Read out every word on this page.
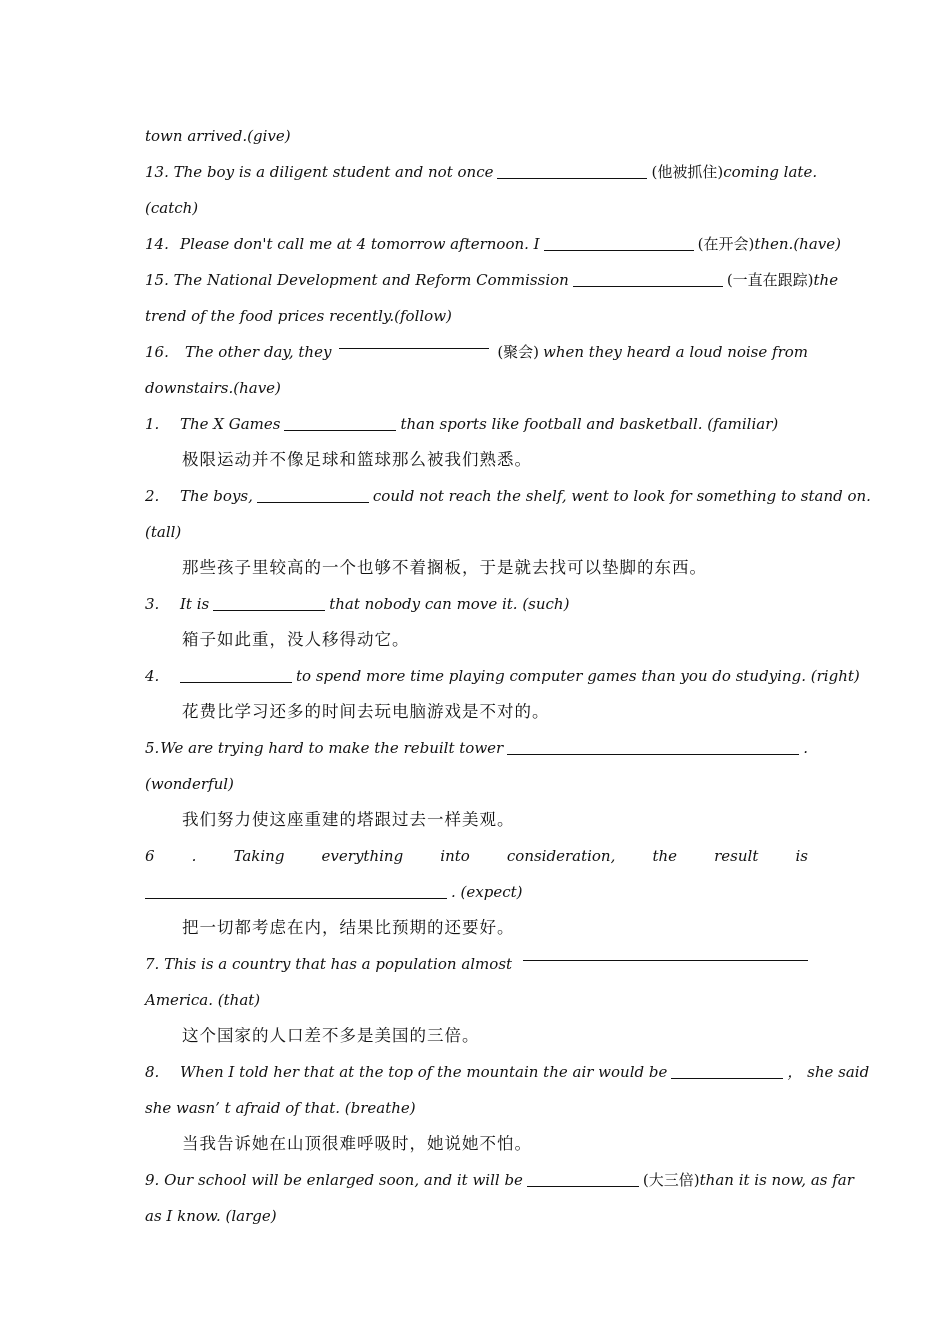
town arrived.(give)
13. The boy is a diligent student and not once	(他被抓住)coming late.
(catch)
14. Please don't call me at 4 tomorrow afternoon. I	(在开会)then.(have)
15. The National Development and Reform Commission	(一直在跟踪)the
trend of the food prices recently.(follow)
16.	The other day, they	(聚会) when they heard a loud noise from
downstairs.(have)
1. The X Games	than sports like football and basketball. (familiar)
极限运动并不像足球和篮球那么被我们熟悉。
2. The boys,	could not reach the shelf, went to look for something to stand on.
(tall)
那些孩子里较高的一个也够不着搁板，于是就去找可以垫脚的东西。
3. It is	that nobody can move it. (such)
箱子如此重，没人移得动它。
4.	to spend more time playing computer games than you do studying. (right)
花费比学习还多的时间去玩电脑游戏是不对的。
5. We are trying hard to make the rebuilt tower	.
(wonderful)
我们努力使这座重建的塔跟过去一样美观。
6 . Taking everything into consideration, the result is
. (expect)
把一切都考虑在内，结果比预期的还要好。
7. This is a country that has a population almost
America. (that)
这个国家的人口差不多是美国的三倍。
8. When I told her that at the top of the mountain the air would be	， she said
she wasn’ t afraid of that. (breathe)
当我告诉她在山顶很难呼吸时，她说她不怕。
9. Our school will be enlarged soon, and it will be	(大三倍)than it is now, as far
as I know. (large)
